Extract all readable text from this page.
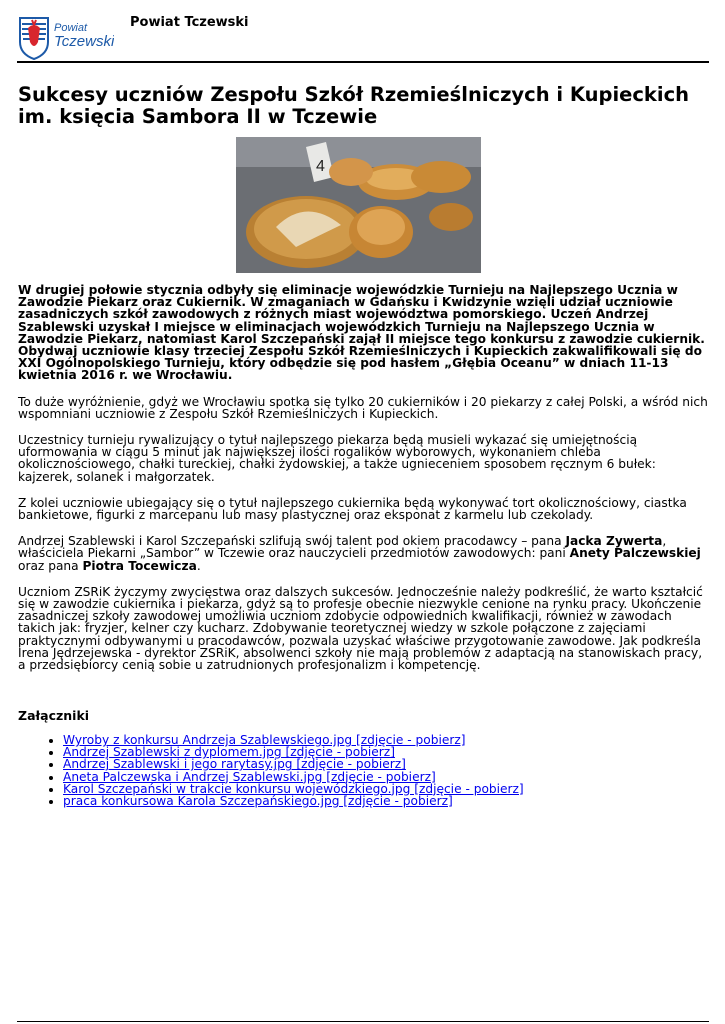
Powiat
Tczewski
Powiat Tczewski
Sukcesy uczniów Zespołu Szkół Rzemieślniczych i Kupieckich im. księcia Sambora II w Tczewie
4

W drugiej połowie stycznia odbyły się eliminacje wojewódzkie Turnieju na Najlepszego Ucznia w Zawodzie Piekarz oraz Cukiernik. W zmaganiach w Gdańsku i Kwidzynie wzięli udział uczniowie zasadniczych szkół zawodowych z różnych miast województwa pomorskiego. Uczeń Andrzej Szablewski uzyskał I miejsce w eliminacjach wojewódzkich Turnieju na Najlepszego Ucznia w Zawodzie Piekarz, natomiast Karol Szczepański zajął II miejsce tego konkursu z zawodzie cukiernik. Obydwaj uczniowie klasy trzeciej Zespołu Szkół Rzemieślniczych i Kupieckich zakwalifikowali się do XXI Ogólnopolskiego Turnieju, który odbędzie się pod hasłem „Głębia Oceanu” w dniach 11-13 kwietnia 2016 r. we Wrocławiu.

To duże wyróżnienie, gdyż we Wrocławiu spotka się tylko 20 cukierników i 20 piekarzy z całej Polski, a wśród nich wspomniani uczniowie z Zespołu Szkół Rzemieślniczych i Kupieckich.

Uczestnicy turnieju rywalizujący o tytuł najlepszego piekarza będą musieli wykazać się umiejętnością uformowania w ciągu 5 minut jak największej ilości rogalików wyborowych, wykonaniem chleba okolicznościowego, chałki tureckiej, chałki żydowskiej, a także ugnieceniem sposobem ręcznym 6 bułek: kajzerek, solanek i małgorzatek.

Z kolei uczniowie ubiegający się o tytuł najlepszego cukiernika będą wykonywać tort okolicznościowy, ciastka bankietowe, figurki z marcepanu lub masy plastycznej oraz eksponat z karmelu lub czekolady.

Andrzej Szablewski i Karol Szczepański szlifują swój talent pod okiem pracodawcy – pana Jacka Zywerta, właściciela Piekarni „Sambor” w Tczewie oraz nauczycieli przedmiotów zawodowych: pani Anety Palczewskiej oraz pana Piotra Tocewicza.

Uczniom ZSRiK życzymy zwycięstwa oraz dalszych sukcesów. Jednocześnie należy podkreślić, że warto kształcić się w zawodzie cukiernika i piekarza, gdyż są to profesje obecnie niezwykle cenione na rynku pracy. Ukończenie zasadniczej szkoły zawodowej umożliwia uczniom zdobycie odpowiednich kwalifikacji, również w zawodach takich jak: fryzjer, kelner czy kucharz. Zdobywanie teoretycznej wiedzy w szkole połączone z zajęciami praktycznymi odbywanymi u pracodawców, pozwala uzyskać właściwe przygotowanie zawodowe. Jak podkreśla Irena Jędrzejewska - dyrektor ZSRiK, absolwenci szkoły nie mają problemów z adaptacją na stanowiskach pracy, a przedsiębiorcy cenią sobie u zatrudnionych profesjonalizm i kompetencję.

Załączniki
• Wyroby z konkursu Andrzeja Szablewskiego.jpg [zdjęcie - pobierz]
• Andrzej Szablewski z dyplomem.jpg [zdjęcie - pobierz]
• Andrzej Szablewski i jego rarytasy.jpg [zdjęcie - pobierz]
• Aneta Palczewska i Andrzej Szablewski.jpg [zdjęcie - pobierz]
• Karol Szczepański w trakcie konkursu wojewódzkiego.jpg [zdjęcie - pobierz]
• praca konkursowa Karola Szczepańskiego.jpg [zdjęcie - pobierz]
